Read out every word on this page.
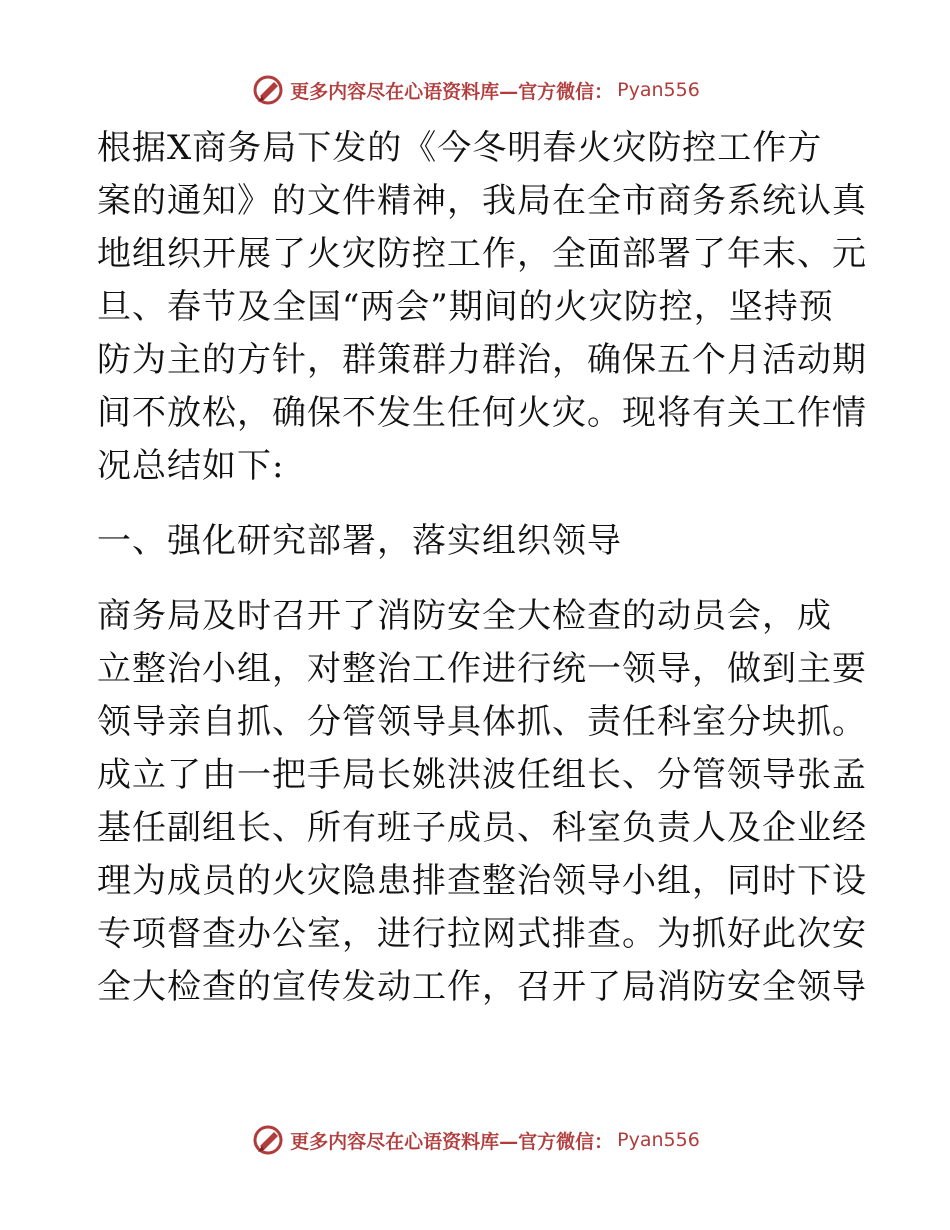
更多内容尽在心语资料库—官方微信： Pyan556
根据X商务局下发的《今冬明春火灾防控工作方
案的通知》的文件精神，我局在全市商务系统认真
地组织开展了火灾防控工作，全面部署了年末、元
旦、春节及全国“两会”期间的火灾防控，坚持预
防为主的方针，群策群力群治，确保五个月活动期
间不放松，确保不发生任何火灾。现将有关工作情
况总结如下:
一、强化研究部署，落实组织领导
商务局及时召开了消防安全大检查的动员会，成
立整治小组，对整治工作进行统一领导，做到主要
领导亲自抓、分管领导具体抓、责任科室分块抓。
成立了由一把手局长姚洪波任组长、分管领导张孟
基任副组长、所有班子成员、科室负责人及企业经
理为成员的火灾隐患排查整治领导小组，同时下设
专项督查办公室，进行拉网式排查。为抓好此次安
全大检查的宣传发动工作，召开了局消防安全领导
更多内容尽在心语资料库—官方微信： Pyan556
